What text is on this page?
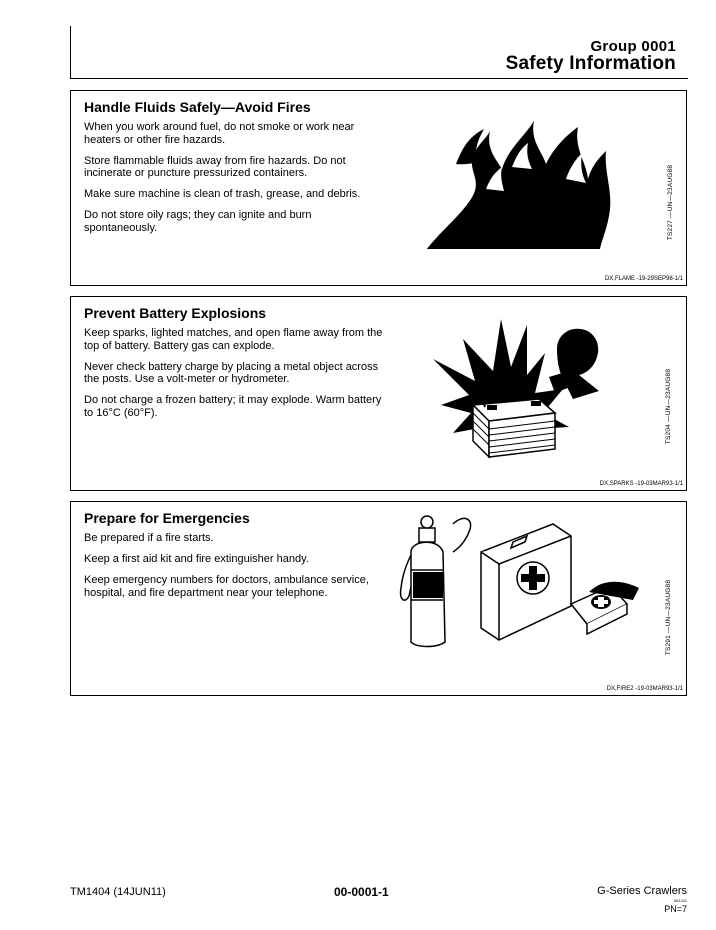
Group 0001
Safety Information
Handle Fluids Safely—Avoid Fires

When you work around fuel, do not smoke or work near heaters or other fire hazards.

Store flammable fluids away from fire hazards. Do not incinerate or puncture pressurized containers.

Make sure machine is clean of trash, grease, and debris.

Do not store oily rags; they can ignite and burn spontaneously.	TS227 —UN—23AUG88
DX,FLAME -19-29SEP98-1/1
Prevent Battery Explosions

Keep sparks, lighted matches, and open flame away from the top of battery. Battery gas can explode.

Never check battery charge by placing a metal object across the posts. Use a volt-meter or hydrometer.

Do not charge a frozen battery; it may explode. Warm battery to 16°C (60°F).	TS204 —UN—23AUG88
DX,SPARKS -19-03MAR93-1/1
Prepare for Emergencies

Be prepared if a fire starts.

Keep a first aid kit and fire extinguisher handy.

Keep emergency numbers for doctors, ambulance service, hospital, and fire department near your telephone.	TS291 —UN—23AUG88
DX,FIRE2 -19-03MAR93-1/1
TM1404 (14JUN11)	00-0001-1	G-Series Crawlers
061411
PN=7
